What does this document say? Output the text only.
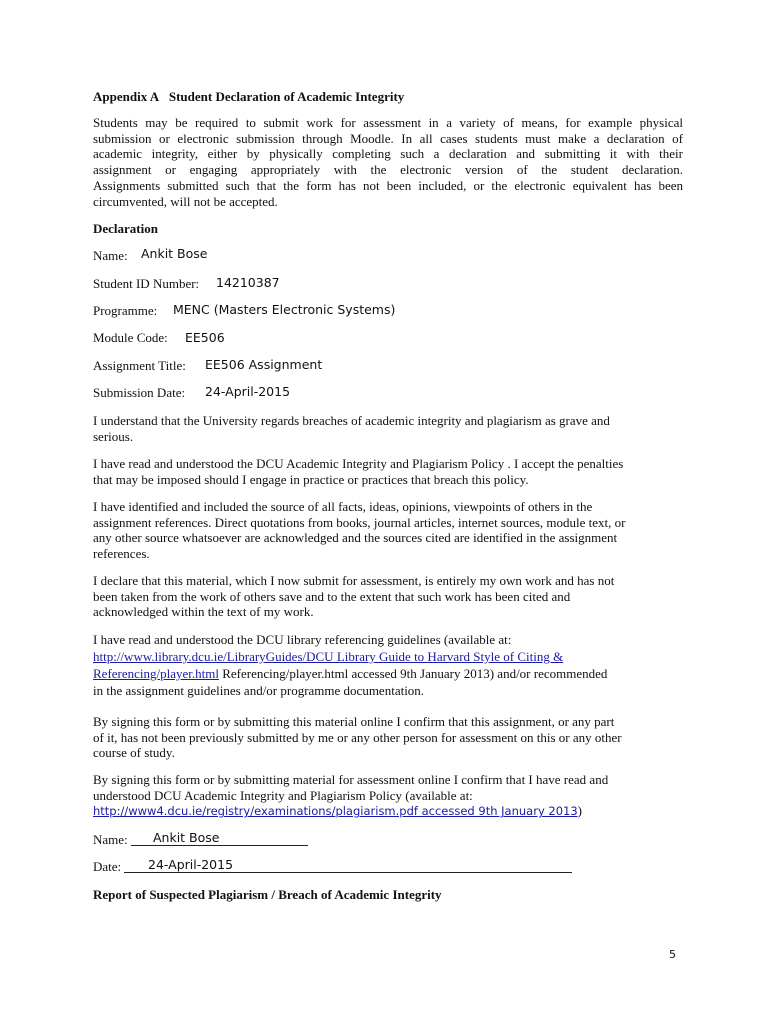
Appendix A Student Declaration of Academic Integrity
Students may be required to submit work for assessment in a variety of means, for example physical
submission or electronic submission through Moodle. In all cases students must make a declaration of
academic integrity, either by physically completing such a declaration and submitting it with their
assignment or engaging appropriately with the electronic version of the student declaration.
Assignments submitted such that the form has not been included, or the electronic equivalent has been
circumvented, will not be accepted.
Declaration
Name: Ankit Bose
Student ID Number: 14210387
Programme: MENC (Masters Electronic Systems)
Module Code: EE506
Assignment Title: EE506 Assignment
Submission Date: 24-April-2015
I understand that the University regards breaches of academic integrity and plagiarism as grave and
serious.
I have read and understood the DCU Academic Integrity and Plagiarism Policy . I accept the penalties
that may be imposed should I engage in practice or practices that breach this policy.
I have identified and included the source of all facts, ideas, opinions, viewpoints of others in the
assignment references. Direct quotations from books, journal articles, internet sources, module text, or
any other source whatsoever are acknowledged and the sources cited are identified in the assignment
references.
I declare that this material, which I now submit for assessment, is entirely my own work and has not
been taken from the work of others save and to the extent that such work has been cited and
acknowledged within the text of my work.
I have read and understood the DCU library referencing guidelines (available at:
http://www.library.dcu.ie/LibraryGuides/DCU Library Guide to Harvard Style of Citing &
Referencing/player.html Referencing/player.html accessed 9th January 2013) and/or recommended
in the assignment guidelines and/or programme documentation.
By signing this form or by submitting this material online I confirm that this assignment, or any part
of it, has not been previously submitted by me or any other person for assessment on this or any other
course of study.
By signing this form or by submitting material for assessment online I confirm that I have read and
understood DCU Academic Integrity and Plagiarism Policy (available at:
http://www4.dcu.ie/registry/examinations/plagiarism.pdf accessed 9th January 2013)
Name: Ankit Bose
Date: 24-April-2015
Report of Suspected Plagiarism / Breach of Academic Integrity
5
